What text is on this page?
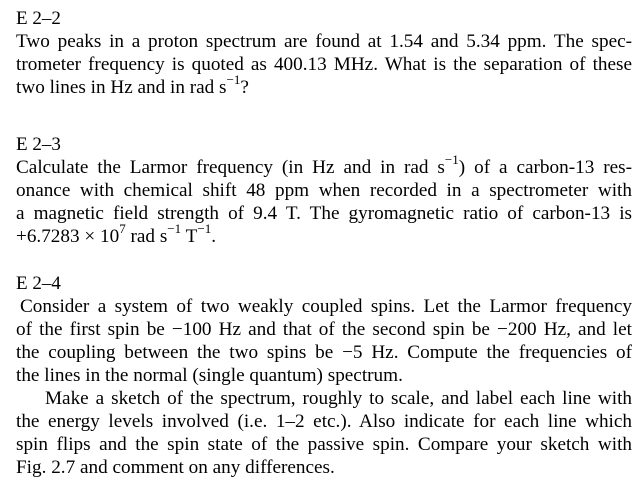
E 2–2
Two peaks in a proton spectrum are found at 1.54 and 5.34 ppm. The spec-
trometer frequency is quoted as 400.13 MHz. What is the separation of these
two lines in Hz and in rad $s^{-1}$?
E 2–3
Calculate the Larmor frequency (in Hz and in rad $s^{-1}$) of a carbon-13 res-
onance with chemical shift 48 ppm when recorded in a spectrometer with
a magnetic field strength of 9.4 T. The gyromagnetic ratio of carbon-13 is
$+6.7283 \times 10^7$ rad $s^{-1}$ $T^{-1}$.
E 2–4
Consider a system of two weakly coupled spins. Let the Larmor frequency
of the first spin be −100 Hz and that of the second spin be −200 Hz, and let
the coupling between the two spins be −5 Hz. Compute the frequencies of
the lines in the normal (single quantum) spectrum.
Make a sketch of the spectrum, roughly to scale, and label each line with
the energy levels involved (i.e. 1–2 etc.). Also indicate for each line which
spin flips and the spin state of the passive spin. Compare your sketch with
Fig. 2.7 and comment on any differences.
